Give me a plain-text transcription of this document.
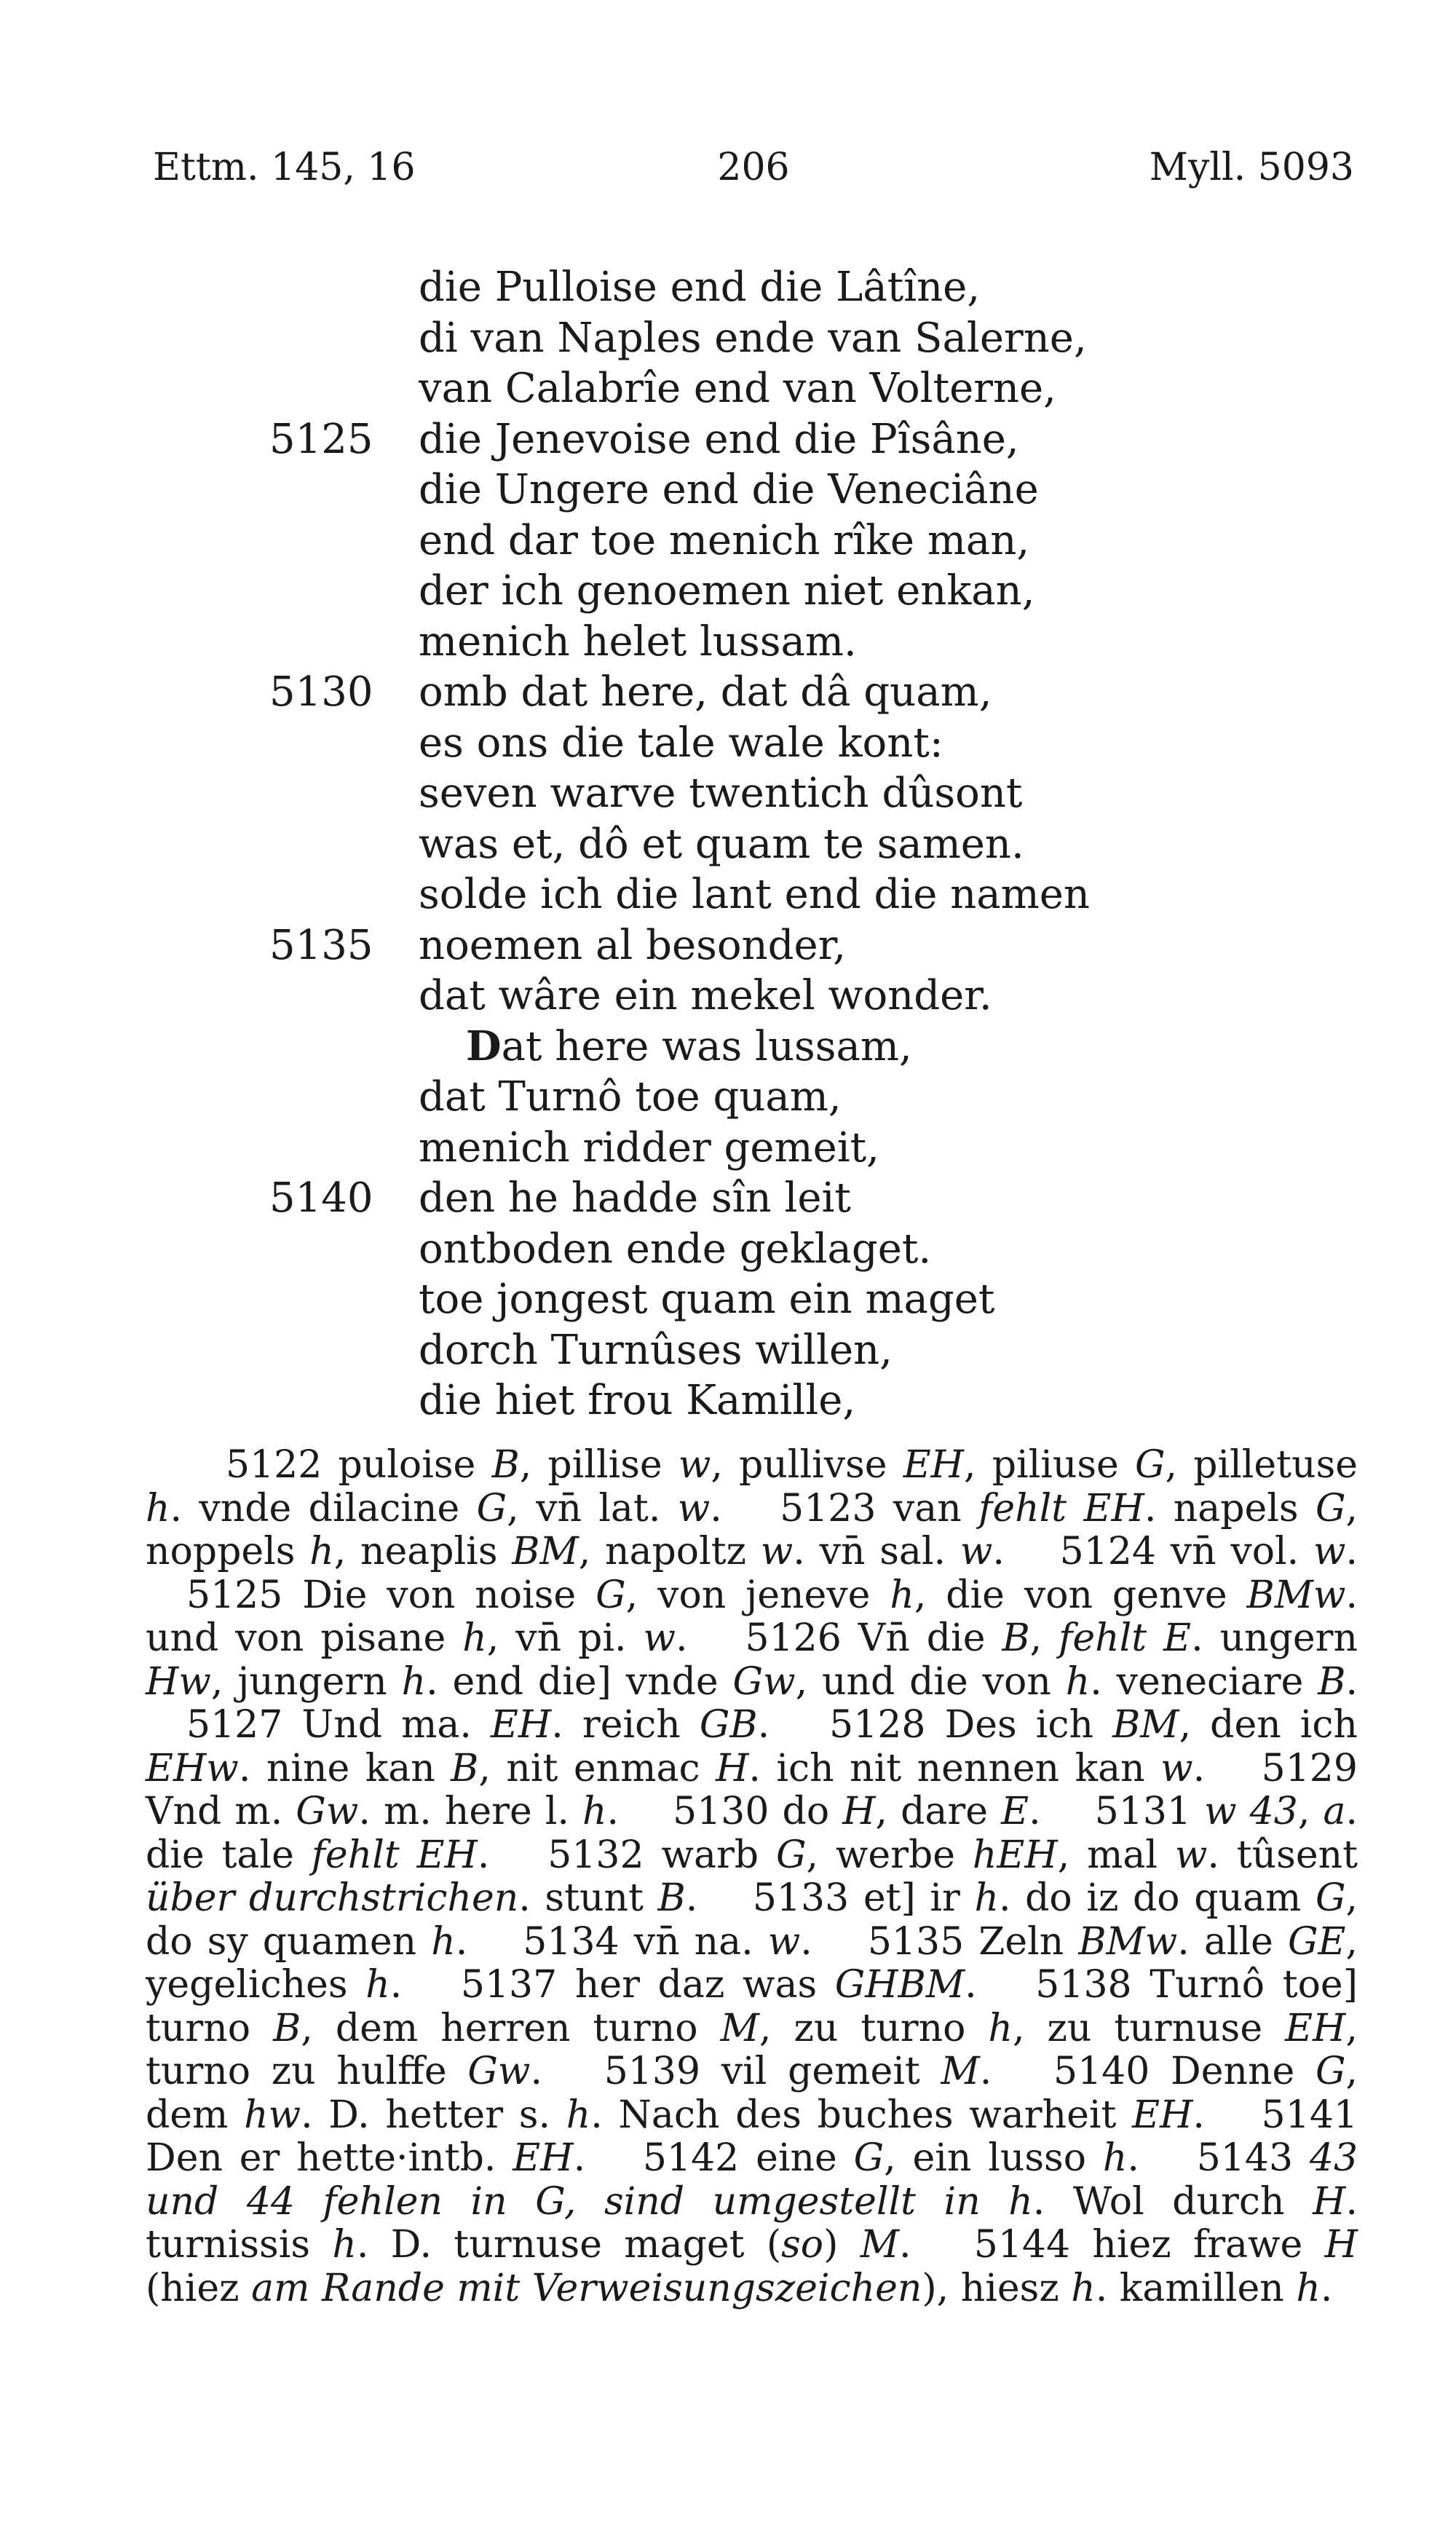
Ettm. 145, 16	206	Myll. 5093
die Pulloise end die Lâtîne,
di van Naples ende van Salerne,
van Calabrîe end van Volterne,
5125 die Jenevoise end die Pîsâne,
die Ungere end die Veneciâne
end dar toe menich rîke man,
der ich genoemen niet enkan,
menich helet lussam.
5130 omb dat here, dat dâ quam,
es ons die tale wale kont:
seven warve twentich dûsont
was et, dô et quam te samen.
solde ich die lant end die namen
5135 noemen al besonder,
dat wâre ein mekel wonder.
Dat here was lussam,
dat Turnô toe quam,
menich ridder gemeit,
5140 den he hadde sîn leit
ontboden ende geklaget.
toe jongest quam ein maget
dorch Turnûses willen,
die hiet frou Kamille,

5122 puloise B, pillise w, pullivse EH, piliuse G, pilletuse h. vnde dilacine G, vn̄ lat. w. 5123 van fehlt EH. napels G, noppels h, neaplis BM, napoltz w. vn̄ sal. w. 5124 vn̄ vol. w. 5125 Die von noise G, von jeneve h, die von genve BMw. und von pisane h, vn̄ pi. w. 5126 Vn̄ die B, fehlt E. ungern Hw, jungern h. end die] vnde Gw, und die von h. veneciare B. 5127 Und ma. EH. reich GB. 5128 Des ich BM, den ich EHw. nine kan B, nit enmac H. ich nit nennen kan w. 5129 Vnd m. Gw. m. here l. h. 5130 do H, dare E. 5131 w 43, a. die tale fehlt EH. 5132 warb G, werbe hEH, mal w. tûsent über durchstrichen. stunt B. 5133 et] ir h. do iz do quam G, do sy quamen h. 5134 vn̄ na. w. 5135 Zeln BMw. alle GE, yegeliches h. 5137 her daz was GHBM. 5138 Turnô toe] turno B, dem herren turno M, zu turno h, zu turnuse EH, turno zu hulffe Gw. 5139 vil gemeit M. 5140 Denne G, dem hw. D. hetter s. h. Nach des buches warheit EH. 5141 Den er hette·intb. EH. 5142 eine G, ein lusso h. 5143 43 und 44 fehlen in G, sind umgestellt in h. Wol durch H. turnissis h. D. turnuse maget (so) M. 5144 hiez frawe H (hiez am Rande mit Verweisungszeichen), hiesz h. kamillen h.
